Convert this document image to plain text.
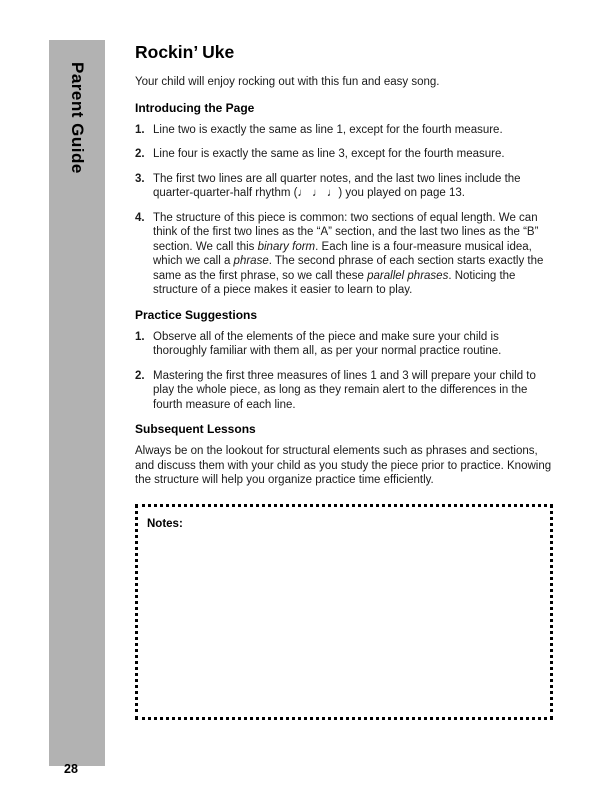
Parent Guide
Rockin’ Uke

Your child will enjoy rocking out with this fun and easy song.

Introducing the Page
1. Line two is exactly the same as line 1, except for the fourth measure.
2. Line four is exactly the same as line 3, except for the fourth measure.
3. The first two lines are all quarter notes, and the last two lines include the quarter-quarter-half rhythm (♩ ♩ ♩) you played on page 13.
4. The structure of this piece is common: two sections of equal length. We can think of the first two lines as the “A” section, and the last two lines as the “B” section. We call this binary form. Each line is a four-measure musical idea, which we call a phrase. The second phrase of each section starts exactly the same as the first phrase, so we call these parallel phrases. Noticing the structure of a piece makes it easier to learn to play.
Practice Suggestions
1. Observe all of the elements of the piece and make sure your child is thoroughly familiar with them all, as per your normal practice routine.
2. Mastering the first three measures of lines 1 and 3 will prepare your child to play the whole piece, as long as they remain alert to the differences in the fourth measure of each line.
Subsequent Lessons

Always be on the lookout for structural elements such as phrases and sections, and discuss them with your child as you study the piece prior to practice. Knowing the structure will help you organize practice time efficiently.

Notes:
28
